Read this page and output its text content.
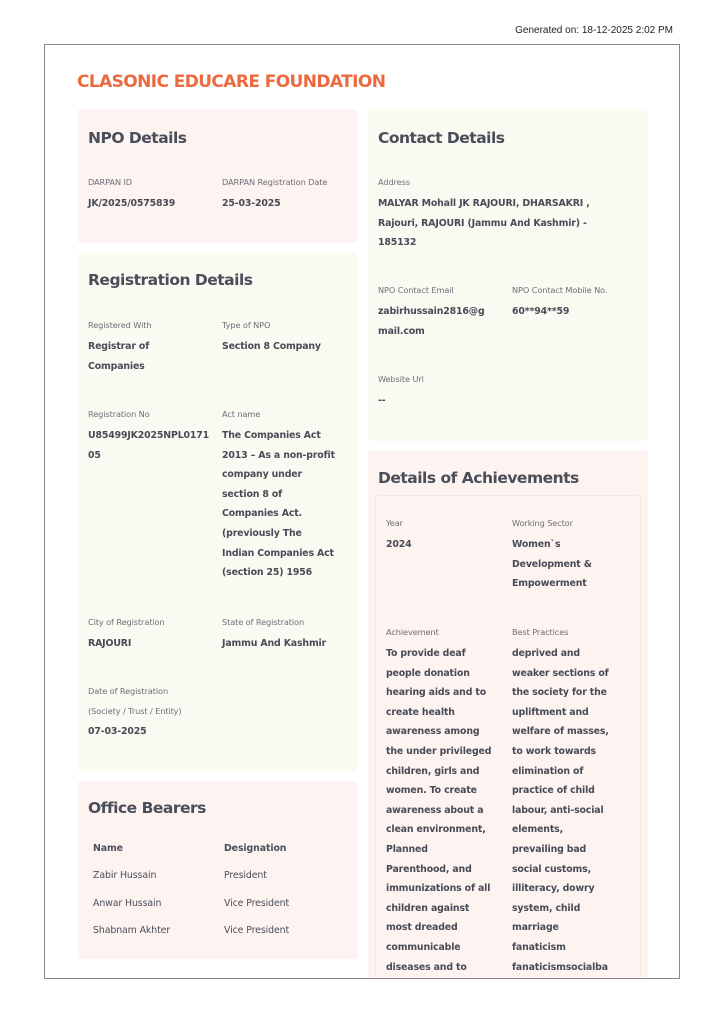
Generated on: 18-12-2025 2:02 PM
CLASONIC EDUCARE FOUNDATION
NPO Details
DARPAN ID
JK/2025/0575839
DARPAN Registration Date
25-03-2025
Registration Details
Registered With
Registrar of
Companies
Type of NPO
Section 8 Company
Registration No
U85499JK2025NPL0171
05
Act name
The Companies Act
2013 – As a non-profit
company under
section 8 of
Companies Act.
(previously The
Indian Companies Act
(section 25) 1956
City of Registration
RAJOURI
State of Registration
Jammu And Kashmir
Date of Registration
(Society / Trust / Entity)
07-03-2025
Office Bearers
Name	Designation
Zabir Hussain	President
Anwar Hussain	Vice President
Shabnam Akhter	Vice President
Contact Details
Address
MALYAR Mohall JK RAJOURI, DHARSAKRI ,
Rajouri, RAJOURI (Jammu And Kashmir) -
185132
NPO Contact Email
zabirhussain2816@g
mail.com
NPO Contact Mobile No.
60**94**59
Website Url
--
Details of Achievements
Year
2024
Working Sector
Women`s
Development &
Empowerment
Achievement
To provide deaf
people donation
hearing aids and to
create health
awareness among
the under privileged
children, girls and
women. To create
awareness about a
clean environment,
Planned
Parenthood, and
immunizations of all
children against
most dreaded
communicable
diseases and to
Best Practices
deprived and
weaker sections of
the society for the
upliftment and
welfare of masses,
to work towards
elimination of
practice of child
labour, anti-social
elements,
prevailing bad
social customs,
illiteracy, dowry
system, child
marriage
fanaticism
fanaticismsocialba
